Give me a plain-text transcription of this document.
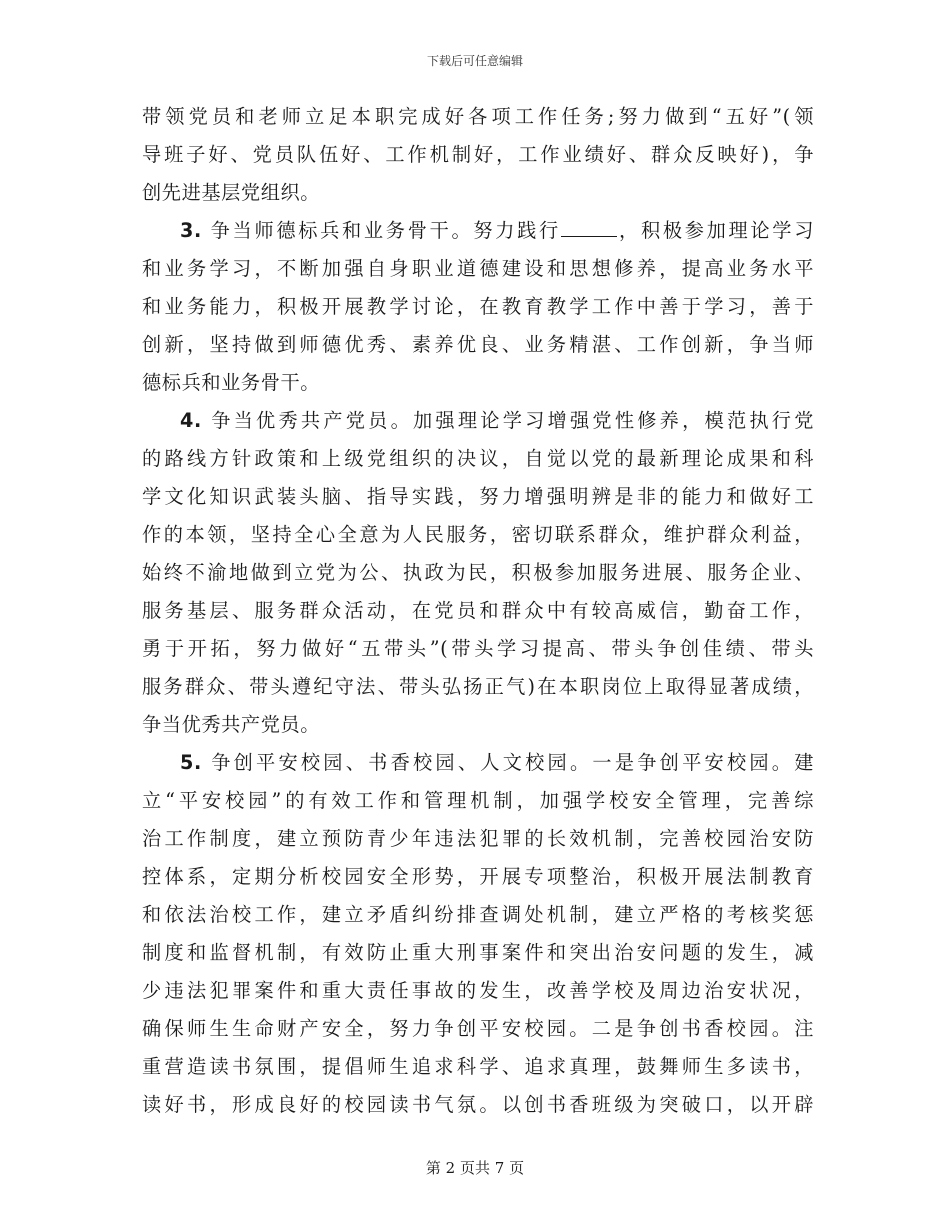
下载后可任意编辑
带领党员和老师立足本职完成好各项工作任务;努力做到“五好”(领
导班子好、党员队伍好、工作机制好，工作业绩好、群众反映好)，争
创先进基层党组织。
3. 争当师德标兵和业务骨干。努力践行	，积极参加理论学习
和业务学习，不断加强自身职业道德建设和思想修养，提高业务水平
和业务能力，积极开展教学讨论，在教育教学工作中善于学习，善于
创新，坚持做到师德优秀、素养优良、业务精湛、工作创新，争当师
德标兵和业务骨干。
4. 争当优秀共产党员。加强理论学习增强党性修养，模范执行党
的路线方针政策和上级党组织的决议，自觉以党的最新理论成果和科
学文化知识武装头脑、指导实践，努力增强明辨是非的能力和做好工
作的本领，坚持全心全意为人民服务，密切联系群众，维护群众利益，
始终不渝地做到立党为公、执政为民，积极参加服务进展、服务企业、
服务基层、服务群众活动，在党员和群众中有较高威信，勤奋工作，
勇于开拓，努力做好“五带头”(带头学习提高、带头争创佳绩、带头
服务群众、带头遵纪守法、带头弘扬正气)在本职岗位上取得显著成绩，
争当优秀共产党员。
5. 争创平安校园、书香校园、人文校园。一是争创平安校园。建
立“平安校园”的有效工作和管理机制，加强学校安全管理，完善综
治工作制度，建立预防青少年违法犯罪的长效机制，完善校园治安防
控体系，定期分析校园安全形势，开展专项整治，积极开展法制教育
和依法治校工作，建立矛盾纠纷排查调处机制，建立严格的考核奖惩
制度和监督机制，有效防止重大刑事案件和突出治安问题的发生，减
少违法犯罪案件和重大责任事故的发生，改善学校及周边治安状况，
确保师生生命财产安全，努力争创平安校园。二是争创书香校园。注
重营造读书氛围，提倡师生追求科学、追求真理，鼓舞师生多读书，
读好书，形成良好的校园读书气氛。以创书香班级为突破口，以开辟
第 2 页共 7 页
